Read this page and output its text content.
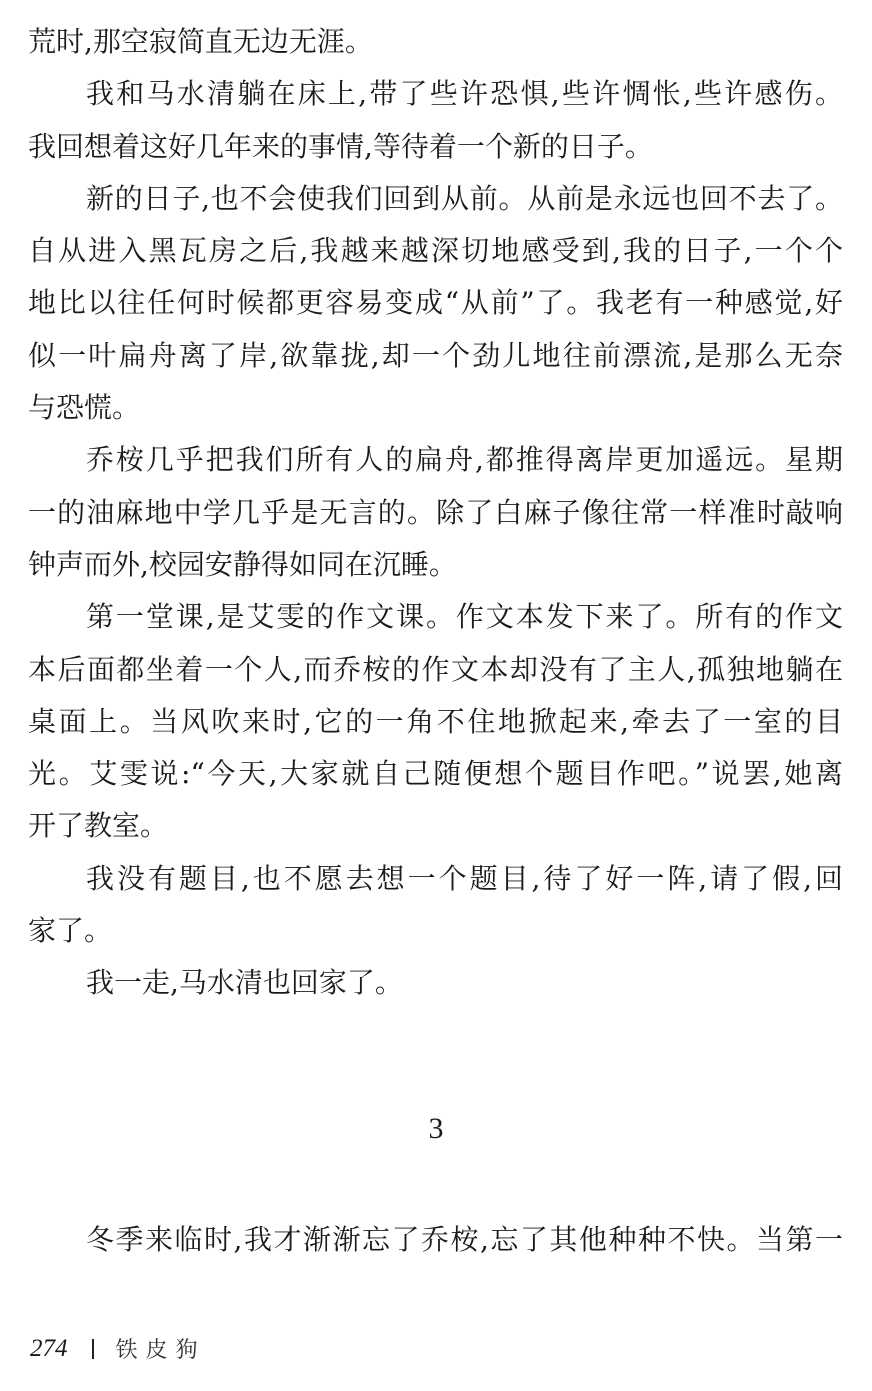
荒时,那空寂简直无边无涯。
我和马水清躺在床上,带了些许恐惧,些许惆怅,些许感伤。
我回想着这好几年来的事情,等待着一个新的日子。
新的日子,也不会使我们回到从前。从前是永远也回不去了。
自从进入黑瓦房之后,我越来越深切地感受到,我的日子,一个个
地比以往任何时候都更容易变成“从前”了。我老有一种感觉,好
似一叶扁舟离了岸,欲靠拢,却一个劲儿地往前漂流,是那么无奈
与恐慌。
乔桉几乎把我们所有人的扁舟,都推得离岸更加遥远。星期
一的油麻地中学几乎是无言的。除了白麻子像往常一样准时敲响
钟声而外,校园安静得如同在沉睡。
第一堂课,是艾雯的作文课。作文本发下来了。所有的作文
本后面都坐着一个人,而乔桉的作文本却没有了主人,孤独地躺在
桌面上。当风吹来时,它的一角不住地掀起来,牵去了一室的目
光。艾雯说:“今天,大家就自己随便想个题目作吧。”说罢,她离
开了教室。
我没有题目,也不愿去想一个题目,待了好一阵,请了假,回
家了。
我一走,马水清也回家了。
3
冬季来临时,我才渐渐忘了乔桉,忘了其他种种不快。当第一
274 铁皮狗
